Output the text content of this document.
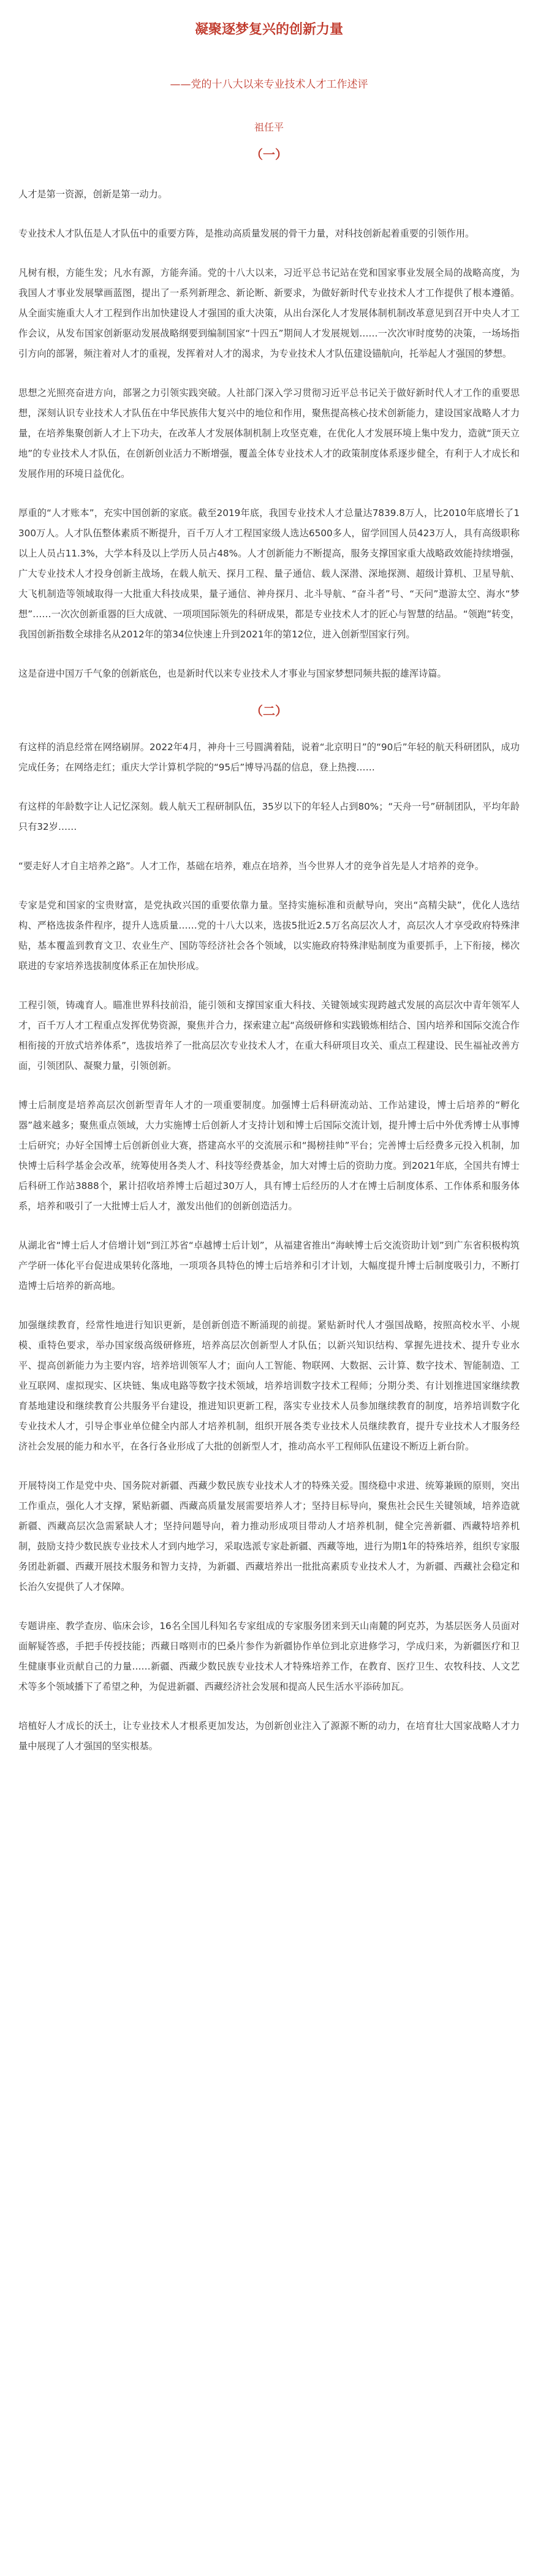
凝聚逐梦复兴的创新力量
——党的十八大以来专业技术人才工作述评
祖任平
（一）

人才是第一资源，创新是第一动力。

专业技术人才队伍是人才队伍中的重要方阵，是推动高质量发展的骨干力量，对科技创新起着重要的引领作用。

凡树有根，方能生发；凡水有源，方能奔涌。党的十八大以来，习近平总书记站在党和国家事业发展全局的战略高度，为我国人才事业发展擘画蓝图，提出了一系列新理念、新论断、新要求，为做好新时代专业技术人才工作提供了根本遵循。从全面实施重大人才工程到作出加快建设人才强国的重大决策，从出台深化人才发展体制机制改革意见到召开中央人才工作会议，从发布国家创新驱动发展战略纲要到编制国家“十四五”期间人才发展规划……一次次审时度势的决策，一场场指引方向的部署，频注着对人才的重视，发挥着对人才的渴求，为专业技术人才队伍建设锚航向，托举起人才强国的梦想。

思想之光照亮奋进方向，部署之力引领实践突破。人社部门深入学习贯彻习近平总书记关于做好新时代人才工作的重要思想，深刻认识专业技术人才队伍在中华民族伟大复兴中的地位和作用，聚焦提高核心技术创新能力，建设国家战略人才力量，在培养集聚创新人才上下功夫，在改革人才发展体制机制上攻坚克难，在优化人才发展环境上集中发力，造就“顶天立地”的专业技术人才队伍，在创新创业活力不断增强，覆盖全体专业技术人才的政策制度体系逐步健全，有利于人才成长和发展作用的环境日益优化。

厚重的“人才账本”，充实中国创新的家底。截至2019年底，我国专业技术人才总量达7839.8万人，比2010年底增长了1300万人。人才队伍整体素质不断提升，百千万人才工程国家级人选达6500多人，留学回国人员423万人，具有高级职称以上人员占11.3%，大学本科及以上学历人员占48%。人才创新能力不断提高，服务支撑国家重大战略政效能持续增强，广大专业技术人才投身创新主战场，在载人航天、探月工程、量子通信、载人深潜、深地探测、超级计算机、卫星导航、大飞机制造等领域取得一大批重大科技成果，量子通信、神舟探月、北斗导航、“奋斗者”号、“天问”遨游太空、海水“梦想”……一次次创新重器的巨大成就、一项项国际领先的科研成果，都是专业技术人才的匠心与智慧的结晶。“领跑”转变，我国创新指数全球排名从2012年的第34位快速上升到2021年的第12位，进入创新型国家行列。

这是奋进中国万千气象的创新底色，也是新时代以来专业技术人才事业与国家梦想同频共振的雄浑诗篇。

（二）

有这样的消息经常在网络刷屏。2022年4月，神舟十三号圆满着陆，说着“北京明日”的“90后”年轻的航天科研团队，成功完成任务；在网络走红；重庆大学计算机学院的“95后”博导冯磊的信息，登上热搜……

有这样的年龄数字让人记忆深刻。载人航天工程研制队伍，35岁以下的年轻人占到80%；“天舟一号”研制团队，平均年龄只有32岁……

“要走好人才自主培养之路”。人才工作，基础在培养，难点在培养，当今世界人才的竞争首先是人才培养的竞争。

专家是党和国家的宝贵财富，是党执政兴国的重要依靠力量。坚持实施标准和贡献导向，突出“高精尖缺”，优化人选结构、严格选拔条件程序，提升人选质量……党的十八大以来，选拔5批近2.5万名高层次人才，高层次人才享受政府特殊津贴，基本覆盖到教育文卫、农业生产、国防等经济社会各个领域，以实施政府特殊津贴制度为重要抓手，上下衔接，梯次联进的专家培养选拔制度体系正在加快形成。

工程引领，铸魂育人。瞄准世界科技前沿，能引领和支撑国家重大科技、关键领域实现跨越式发展的高层次中青年领军人才，百千万人才工程重点发挥优势资源，聚焦并合力，探索建立起“高级研修和实践锻炼相结合、国内培养和国际交流合作相衔接的开放式培养体系”，选拔培养了一批高层次专业技术人才，在重大科研项目攻关、重点工程建设、民生福祉改善方面，引领团队、凝聚力量，引领创新。

博士后制度是培养高层次创新型青年人才的一项重要制度。加强博士后科研流动站、工作站建设，博士后培养的“孵化器”越来越多；聚焦重点领域，大力实施博士后创新人才支持计划和博士后国际交流计划，提升博士后中外优秀博士从事博士后研究；办好全国博士后创新创业大赛，搭建高水平的交流展示和“揭榜挂帅”平台；完善博士后经费多元投入机制，加快博士后科学基金会改革，统筹使用各类人才、科技等经费基金，加大对博士后的资助力度。到2021年底，全国共有博士后科研工作站3888个，累计招收培养博士后超过30万人，具有博士后经历的人才在博士后制度体系、工作体系和服务体系，培养和吸引了一大批博士后人才，激发出他们的创新创造活力。

从湖北省“博士后人才倍增计划”到江苏省“卓越博士后计划”，从福建省推出“海峡博士后交流资助计划”到广东省积极构筑产学研一体化平台促进成果转化落地，一项项各具特色的博士后培养和引才计划，大幅度提升博士后制度吸引力，不断打造博士后培养的新高地。

加强继续教育，经常性地进行知识更新，是创新创造不断涌现的前提。紧贴新时代人才强国战略，按照高校水平、小规模、重特色要求，举办国家级高级研修班，培养高层次创新型人才队伍；以新兴知识结构、掌握先进技术、提升专业水平、提高创新能力为主要内容，培养培训领军人才；面向人工智能、物联网、大数据、云计算、数字技术、智能制造、工业互联网、虚拟现实、区块链、集成电路等数字技术领域，培养培训数字技术工程师；分期分类、有计划推进国家继续教育基地建设和继续教育公共服务平台建设，推进知识更新工程，落实专业技术人员参加继续教育的制度，培养培训数字化专业技术人才，引导企事业单位健全内部人才培养机制，组织开展各类专业技术人员继续教育，提升专业技术人才服务经济社会发展的能力和水平，在各行各业形成了大批的创新型人才，推动高水平工程师队伍建设不断迈上新台阶。

开展特岗工作是党中央、国务院对新疆、西藏少数民族专业技术人才的特殊关爱。围绕稳中求进、统筹兼顾的原则，突出工作重点，强化人才支撑，紧贴新疆、西藏高质量发展需要培养人才；坚持目标导向，聚焦社会民生关键领域，培养造就新疆、西藏高层次急需紧缺人才；坚持问题导向，着力推动形成项目带动人才培养机制，健全完善新疆、西藏特培养机制，鼓励支持少数民族专业技术人才到内地学习，采取选派专家赴新疆、西藏等地，进行为期1年的特殊培养，组织专家服务团赴新疆、西藏开展技术服务和智力支持，为新疆、西藏培养出一批批高素质专业技术人才，为新疆、西藏社会稳定和长治久安提供了人才保障。

专题讲座、教学查房、临床会诊，16名全国儿科知名专家组成的专家服务团来到天山南麓的阿克苏，为基层医务人员面对面解疑答惑，手把手传授技能；西藏日喀则市的巴桑片参作为新疆协作单位到北京进修学习，学成归来，为新疆医疗和卫生健康事业贡献自己的力量……新疆、西藏少数民族专业技术人才特殊培养工作，在教育、医疗卫生、农牧科技、人文艺术等多个领域播下了希望之种，为促进新疆、西藏经济社会发展和提高人民生活水平添砖加瓦。

培植好人才成长的沃土，让专业技术人才根系更加发达，为创新创业注入了源源不断的动力，在培育壮大国家战略人才力量中展现了人才强国的坚实根基。
